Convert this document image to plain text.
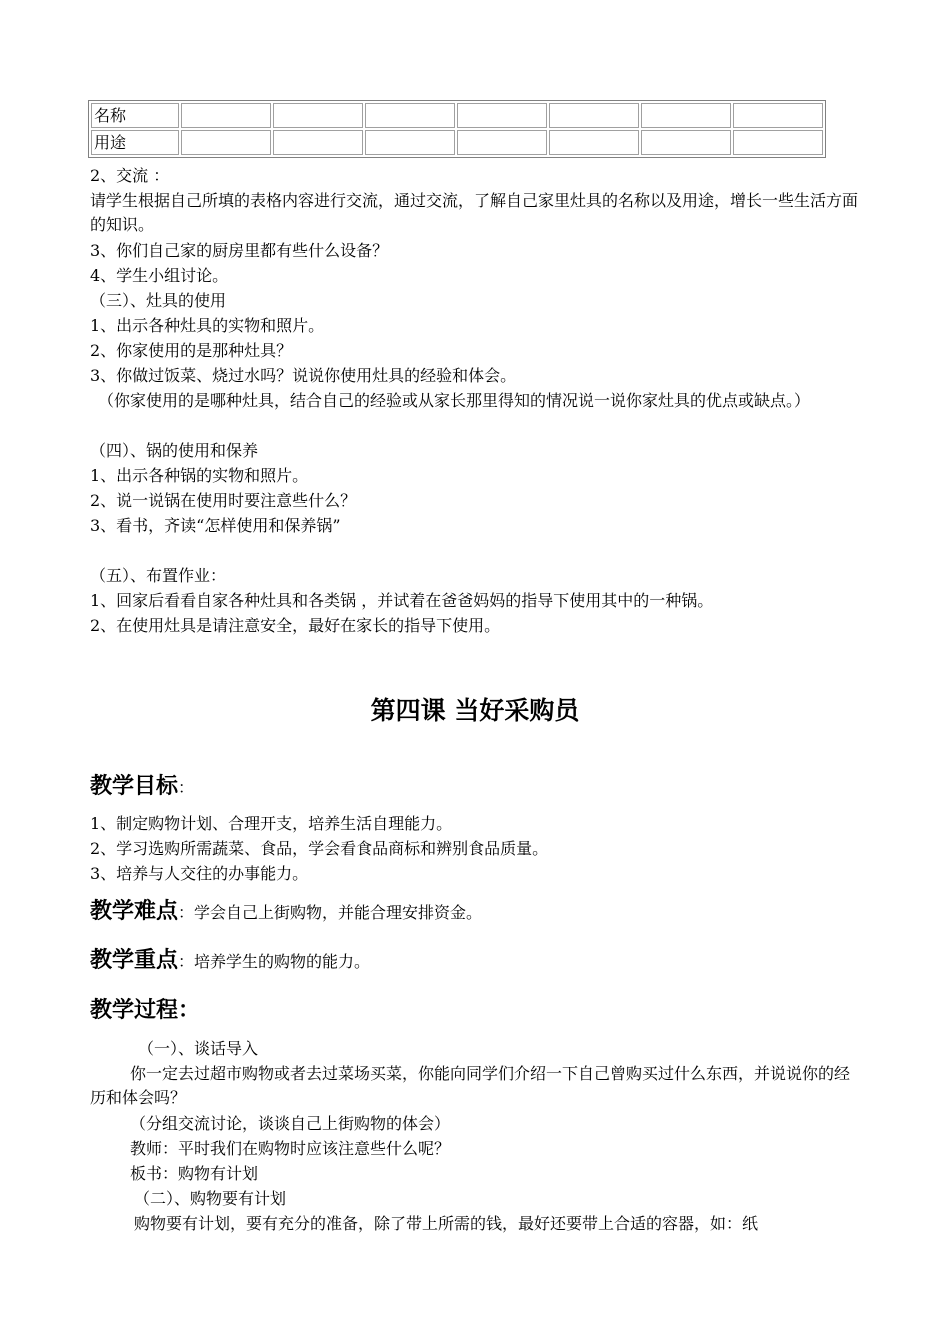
名称							
用途							
2、交流 ：
请学生根据自己所填的表格内容进行交流，通过交流，了解自己家里灶具的名称以及用途，增长一些生活方面的知识。
3、你们自己家的厨房里都有些什么设备？
4、学生小组讨论。
（三）、灶具的使用
1、出示各种灶具的实物和照片。
2、你家使用的是那种灶具？
3、你做过饭菜、烧过水吗？说说你使用灶具的经验和体会。
（你家使用的是哪种灶具，结合自己的经验或从家长那里得知的情况说一说你家灶具的优点或缺点。）
（四）、锅的使用和保养
1、出示各种锅的实物和照片。
2、说一说锅在使用时要注意些什么？
3、看书，齐读“怎样使用和保养锅”
（五）、布置作业：
1、回家后看看自家各种灶具和各类锅 ，并试着在爸爸妈妈的指导下使用其中的一种锅。
2、在使用灶具是请注意安全，最好在家长的指导下使用。
第四课 当好采购员
教学目标：
1、制定购物计划、合理开支，培养生活自理能力。
2、学习选购所需蔬菜、食品，学会看食品商标和辨别食品质量。
3、培养与人交往的办事能力。
教学难点：学会自己上街购物，并能合理安排资金。
教学重点：培养学生的购物的能力。
教学过程：
（一）、谈话导入
你一定去过超市购物或者去过菜场买菜，你能向同学们介绍一下自己曾购买过什么东西，并说说你的经历和体会吗？
（分组交流讨论，谈谈自己上街购物的体会）
教师：平时我们在购物时应该注意些什么呢？
板书：购物有计划
（二）、购物要有计划
购物要有计划，要有充分的准备，除了带上所需的钱，最好还要带上合适的容器，如：纸
